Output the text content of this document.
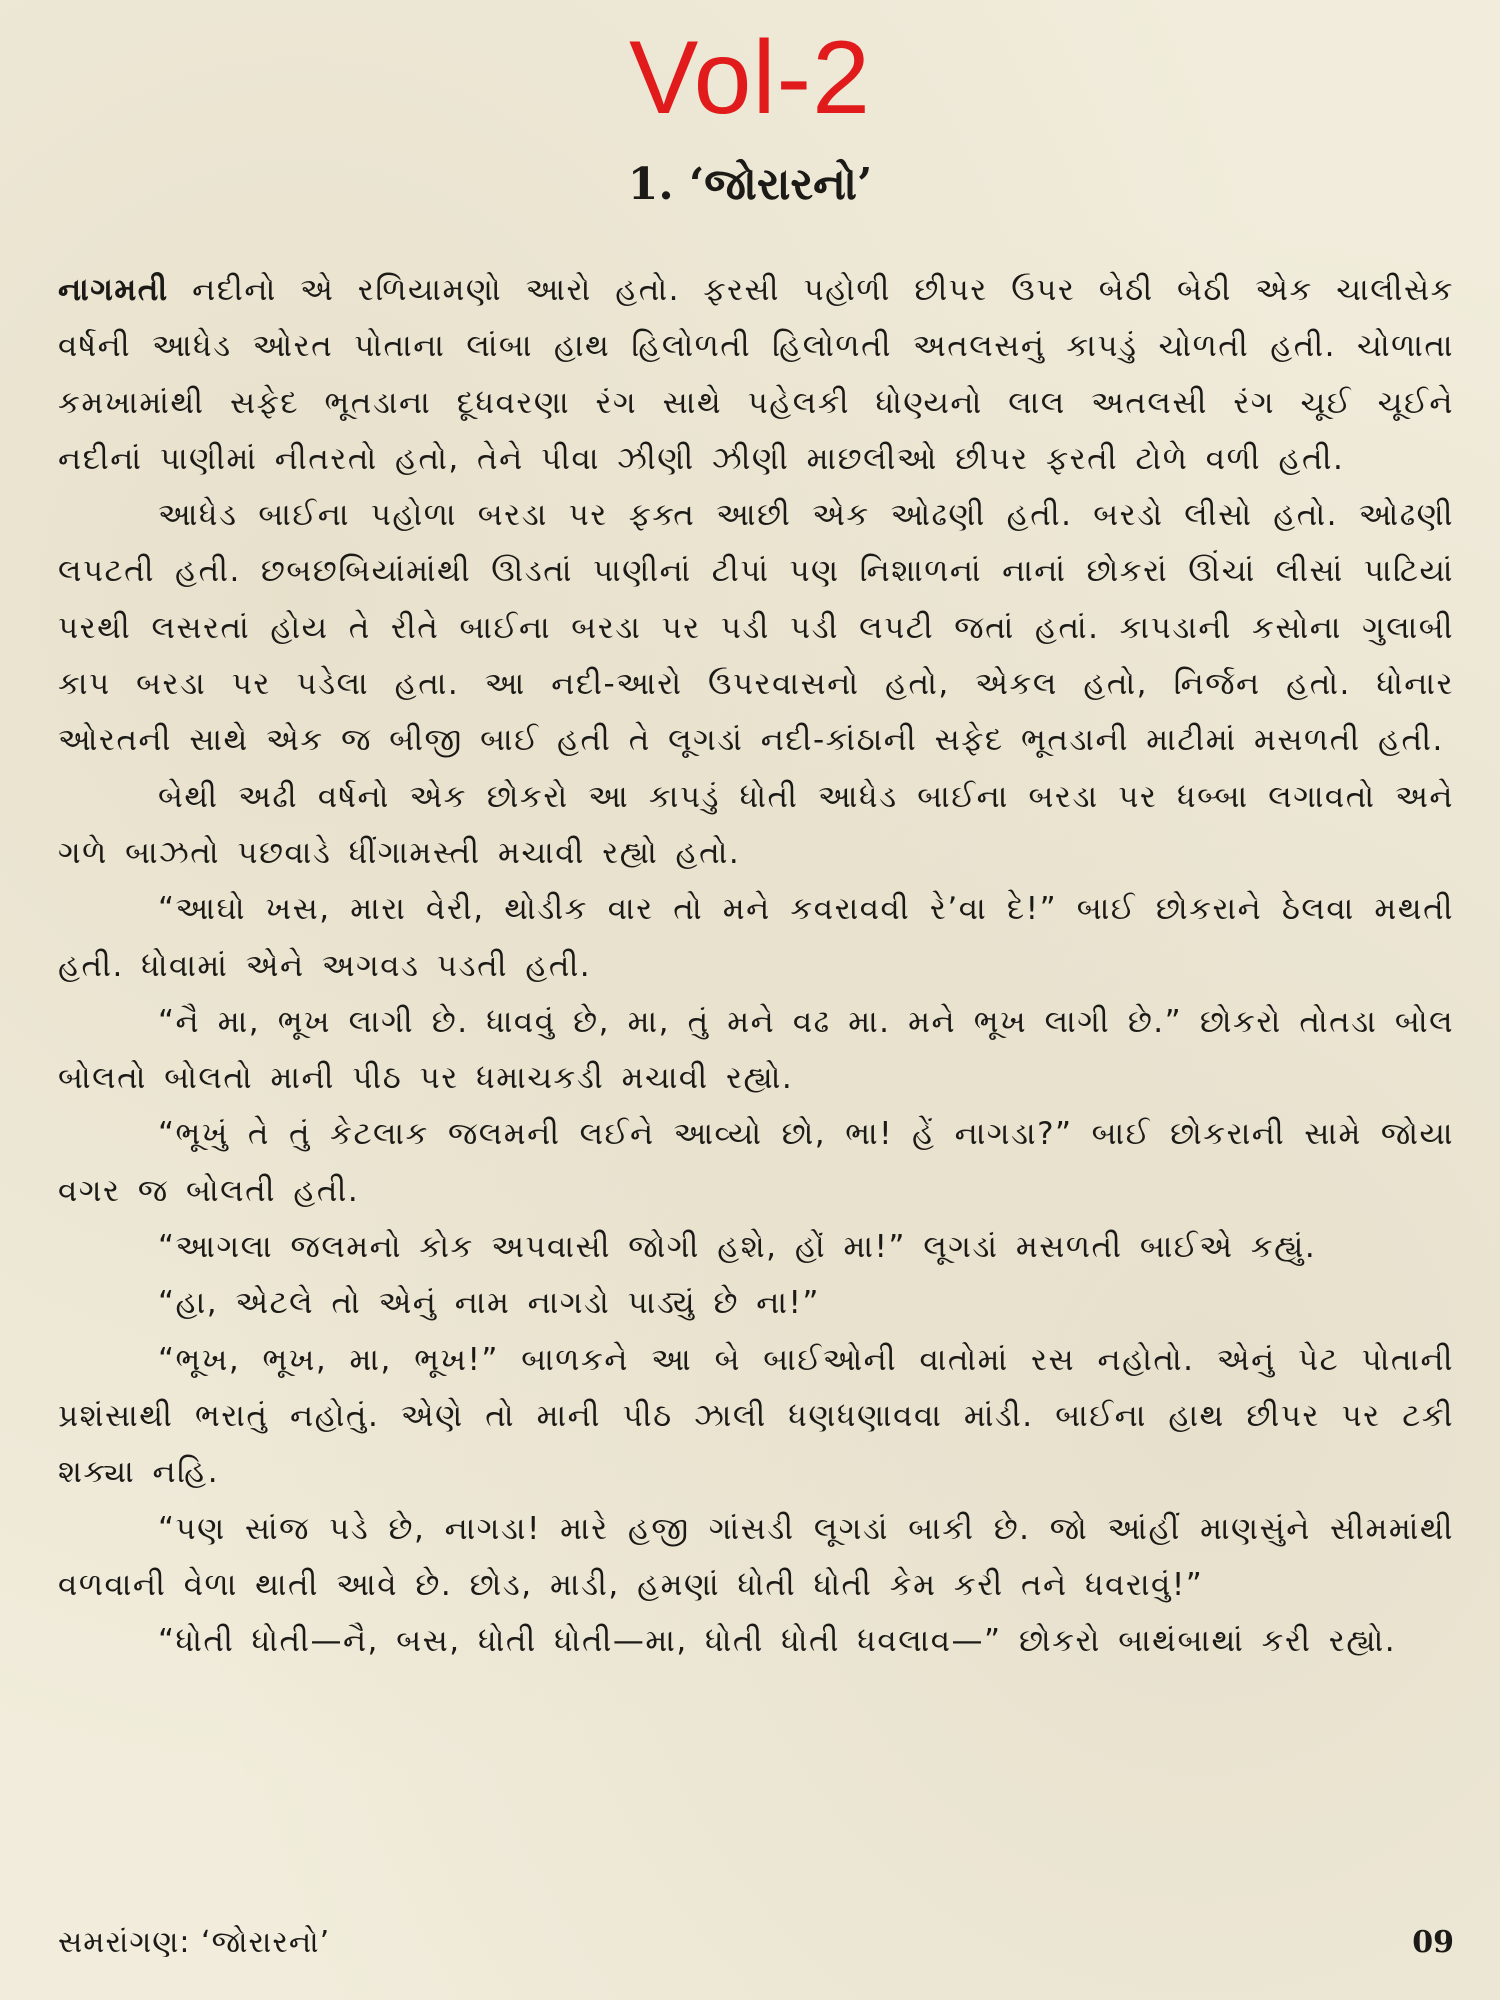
Vol-2
1. ‘જોરારનો’

નાગમતી નદીનો એ રળિયામણો આરો હતો. ફરસી પહોળી છીપર ઉપર બેઠી બેઠી એક ચાલીસેક વર્ષની આધેડ ઓરત પોતાના લાંબા હાથ હિલોળતી હિલોળતી અતલસનું કાપડું ચોળતી હતી. ચોળાતા કમખામાંથી સફેદ ભૂતડાના દૂધવરણા રંગ સાથે પહેલકી ધોણ્યનો લાલ અતલસી રંગ ચૂઈ ચૂઈને નદીનાં પાણીમાં નીતરતો હતો, તેને પીવા ઝીણી ઝીણી માછલીઓ છીપર ફરતી ટોળે વળી હતી.

આધેડ બાઈના પહોળા બરડા પર ફક્ત આછી એક ઓઢણી હતી. બરડો લીસો હતો. ઓઢણી લપટતી હતી. છબછબિયાંમાંથી ઊડતાં પાણીનાં ટીપાં પણ નિશાળનાં નાનાં છોકરાં ઊંચાં લીસાં પાટિયાં પરથી લસરતાં હોય તે રીતે બાઈના બરડા પર પડી પડી લપટી જતાં હતાં. કાપડાની કસોના ગુલાબી કાપ બરડા પર પડેલા હતા. આ નદી-આરો ઉપરવાસનો હતો, એકલ હતો, નિર્જન હતો. ધોનાર ઓરતની સાથે એક જ બીજી બાઈ હતી તે લૂગડાં નદી-કાંઠાની સફેદ ભૂતડાની માટીમાં મસળતી હતી.

બેથી અઢી વર્ષનો એક છોકરો આ કાપડું ધોતી આધેડ બાઈના બરડા પર ધબ્બા લગાવતો અને ગળે બાઝતો પછવાડે ધીંગામસ્તી મચાવી રહ્યો હતો.

“આઘો ખસ, મારા વેરી, થોડીક વાર તો મને કવરાવવી રે’વા દે!” બાઈ છોકરાને ઠેલવા મથતી હતી. ધોવામાં એને અગવડ પડતી હતી.

“નૈ મા, ભૂખ લાગી છે. ધાવવું છે, મા, તું મને વઢ મા. મને ભૂખ લાગી છે.” છોકરો તોતડા બોલ બોલતો બોલતો માની પીઠ પર ધમાચકડી મચાવી રહ્યો.

“ભૂખું તે તું કેટલાક જલમની લઈને આવ્યો છો, ભા! હેં નાગડા?” બાઈ છોકરાની સામે જોયા વગર જ બોલતી હતી.

“આગલા જલમનો કોક અપવાસી જોગી હશે, હોં મા!” લૂગડાં મસળતી બાઈએ કહ્યું.

“હા, એટલે તો એનું નામ નાગડો પાડ્યું છે ના!”

“ભૂખ, ભૂખ, મા, ભૂખ!” બાળકને આ બે બાઈઓની વાતોમાં રસ નહોતો. એનું પેટ પોતાની પ્રશંસાથી ભરાતું નહોતું. એણે તો માની પીઠ ઝાલી ધણધણાવવા માંડી. બાઈના હાથ છીપર પર ટકી શક્યા નહિ.

“પણ સાંજ પડે છે, નાગડા! મારે હજી ગાંસડી લૂગડાં બાકી છે. જો આંહીં માણસુંને સીમમાંથી વળવાની વેળા થાતી આવે છે. છોડ, માડી, હમણાં ધોતી ધોતી કેમ કરી તને ધવરાવું!”

“ધોતી ધોતી—નૈ, બસ, ધોતી ધોતી—મા, ધોતી ધોતી ધવલાવ—” છોકરો બાથંબાથાં કરી રહ્યો.

સમરાંગણ: ‘જોરારનો’	09
